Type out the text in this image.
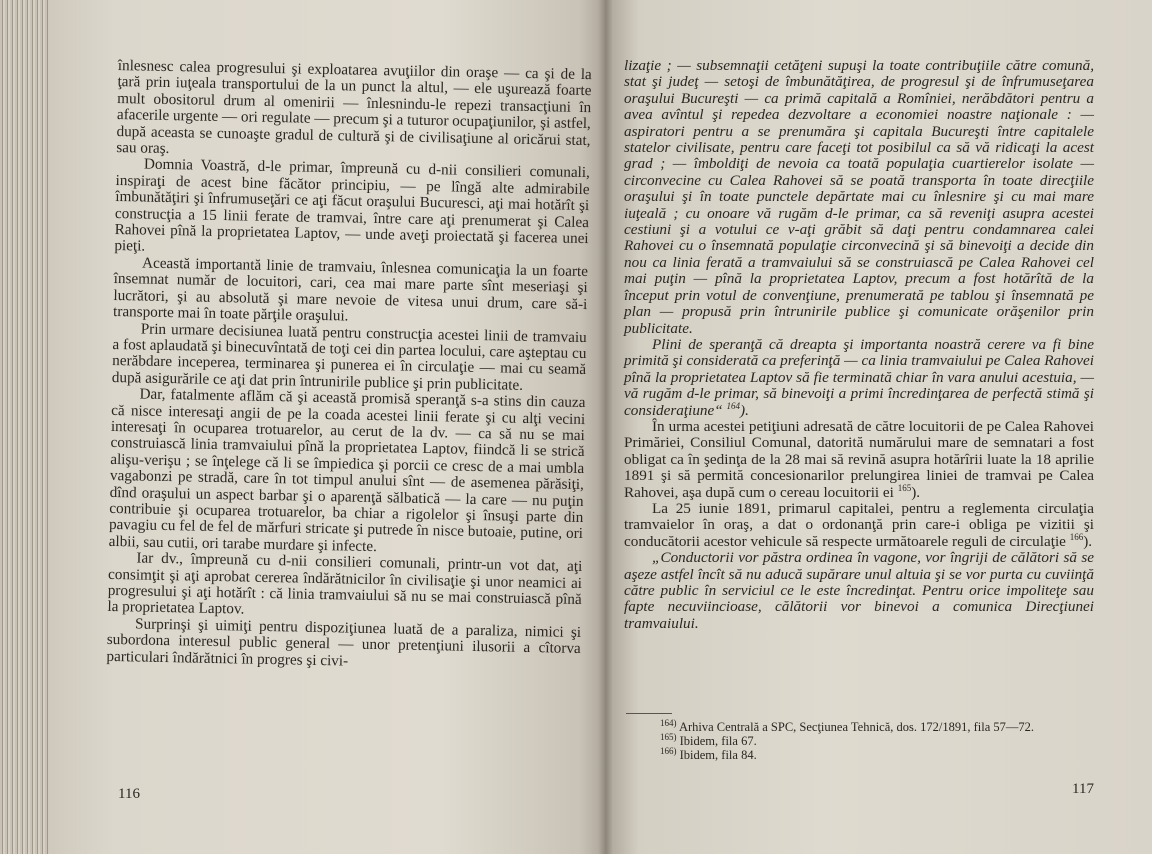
înlesnesc calea progresului şi exploatarea avuţiilor din oraşe — ca şi de la ţară prin iuţeala transportului de la un punct la altul, — ele uşurează foarte mult obositorul drum al omenirii — înlesnindu-le repezi transacţiuni în afacerile urgente — ori regulate — precum şi a tuturor ocupaţiunilor, şi astfel, după aceasta se cunoaşte gradul de cultură şi de civilisaţiune al oricărui stat, sau oraş.

Domnia Voastră, d-le primar, împreună cu d-nii consilieri comunali, inspiraţi de acest bine făcător principiu, — pe lîngă alte admirabile îmbunătăţiri şi înfrumuseţări ce aţi făcut oraşului Bucuresci, aţi mai hotărît şi construcţia a 15 linii ferate de tramvai, între care aţi prenumerat şi Calea Rahovei pînă la proprietatea Laptov, — unde aveţi proiectată şi facerea unei pieţi.

Această importantă linie de tramvaiu, înlesnea comunicaţia la un foarte însemnat număr de locuitori, cari, cea mai mare parte sînt meseriaşi şi lucrători, şi au absolută şi mare nevoie de vitesa unui drum, care să-i transporte mai în toate părţile oraşului.

Prin urmare decisiunea luată pentru construcţia acestei linii de tramvaiu a fost aplaudată şi binecuvîntată de toţi cei din partea locului, care aşteptau cu nerăbdare inceperea, terminarea şi punerea ei în circulaţie — mai cu seamă după asigurările ce aţi dat prin întrunirile publice şi prin publicitate.

Dar, fatalmente aflăm că şi această promisă speranţă s-a stins din cauza că nisce interesaţi angii de pe la coada acestei linii ferate şi cu alţi vecini interesaţi în ocuparea trotuarelor, au cerut de la dv. — ca să nu se mai construiască linia tramvaiului pînă la proprietatea Laptov, fiindcă li se strică alişu-verişu ; se înţelege că li se împiedica şi porcii ce cresc de a mai umbla vagabonzi pe stradă, care în tot timpul anului sînt — de asemenea părăsiţi, dînd oraşului un aspect barbar şi o aparenţă sălbatică — la care — nu puţin contribuie şi ocuparea trotuarelor, ba chiar a rigolelor şi însuşi parte din pavagiu cu fel de fel de mărfuri stricate şi putrede în nisce butoaie, putine, ori albii, sau cutii, ori tarabe murdare şi infecte.

Iar dv., împreună cu d-nii consilieri comunali, printr-un vot dat, aţi consimţit şi aţi aprobat cererea îndărătnicilor în civilisaţie şi unor neamici ai progresului şi aţi hotărît : că linia tramvaiului să nu se mai construiască pînă la proprietatea Laptov.

Surprinşi şi uimiţi pentru dispoziţiunea luată de a paraliza, nimici şi subordona interesul public general — unor pretenţiuni ilusorii a cîtorva particulari îndărătnici în progres şi civi-

116

lizaţie ; — subsemnaţii cetăţeni supuşi la toate contribuţiile către comună, stat şi judeţ — setoşi de îmbunătăţirea, de progresul şi de înfrumuseţarea oraşului Bucureşti — ca primă capitală a Romîniei, nerăbdători pentru a avea avîntul şi repedea dezvoltare a economiei noastre naţionale : — aspiratori pentru a se prenumăra şi capitala Bucureşti între capitalele statelor civilisate, pentru care faceţi tot posibilul ca să vă ridicaţi la acest grad ; — îmboldiţi de nevoia ca toată populaţia cuartierelor isolate — circonvecine cu Calea Rahovei să se poată transporta în toate direcţiile oraşului şi în toate punctele depărtate mai cu înlesnire şi cu mai mare iuţeală ; cu onoare vă rugăm d-le primar, ca să reveniţi asupra acestei cestiuni şi a votului ce v-aţi grăbit să daţi pentru condamnarea calei Rahovei cu o însemnată populaţie circonvecină şi să binevoiţi a decide din nou ca linia ferată a tramvaiului să se construiască pe Calea Rahovei cel mai puţin — pînă la proprietatea Laptov, precum a fost hotărîtă de la început prin votul de convenţiune, prenumerată pe tablou şi însemnată pe plan — propusă prin întrunirile publice şi comunicate orăşenilor prin publicitate.

Plini de speranţă că dreapta şi importanta noastră cerere va fi bine primită şi considerată ca preferinţă — ca linia tramvaiului pe Calea Rahovei pînă la proprietatea Laptov să fie terminată chiar în vara anului acestuia, — vă rugăm d-le primar, să binevoiţi a primi încredinţarea de perfectă stimă şi consideraţiune“ $^{164}$).

În urma acestei petiţiuni adresată de către locuitorii de pe Calea Rahovei Primăriei, Consiliul Comunal, datorită numărului mare de semnatari a fost obligat ca în şedinţa de la 28 mai să revină asupra hotărîrii luate la 18 aprilie 1891 şi să permită concesionarilor prelungirea liniei de tramvai pe Calea Rahovei, aşa după cum o cereau locuitorii ei $^{165}$).

La 25 iunie 1891, primarul capitalei, pentru a reglementa circulaţia tramvaielor în oraş, a dat o ordonanţă prin care-i obliga pe vizitii şi conducătorii acestor vehicule să respecte următoarele reguli de circulaţie $^{166}$).

„Conductorii vor păstra ordinea în vagone, vor îngriji de călători să se aşeze astfel încît să nu aducă supărare unul altuia şi se vor purta cu cuviinţă către public în serviciul ce le este încredinţat. Pentru orice impoliteţe sau fapte necuviincioase, călătorii vor binevoi a comunica Direcţiunei tramvaiului.

$^{164)}$ Arhiva Centrală a SPC, Secţiunea Tehnică, dos. 172/1891, fila 57—72.

$^{165)}$ Ibidem, fila 67.

$^{166)}$ Ibidem, fila 84.

117
